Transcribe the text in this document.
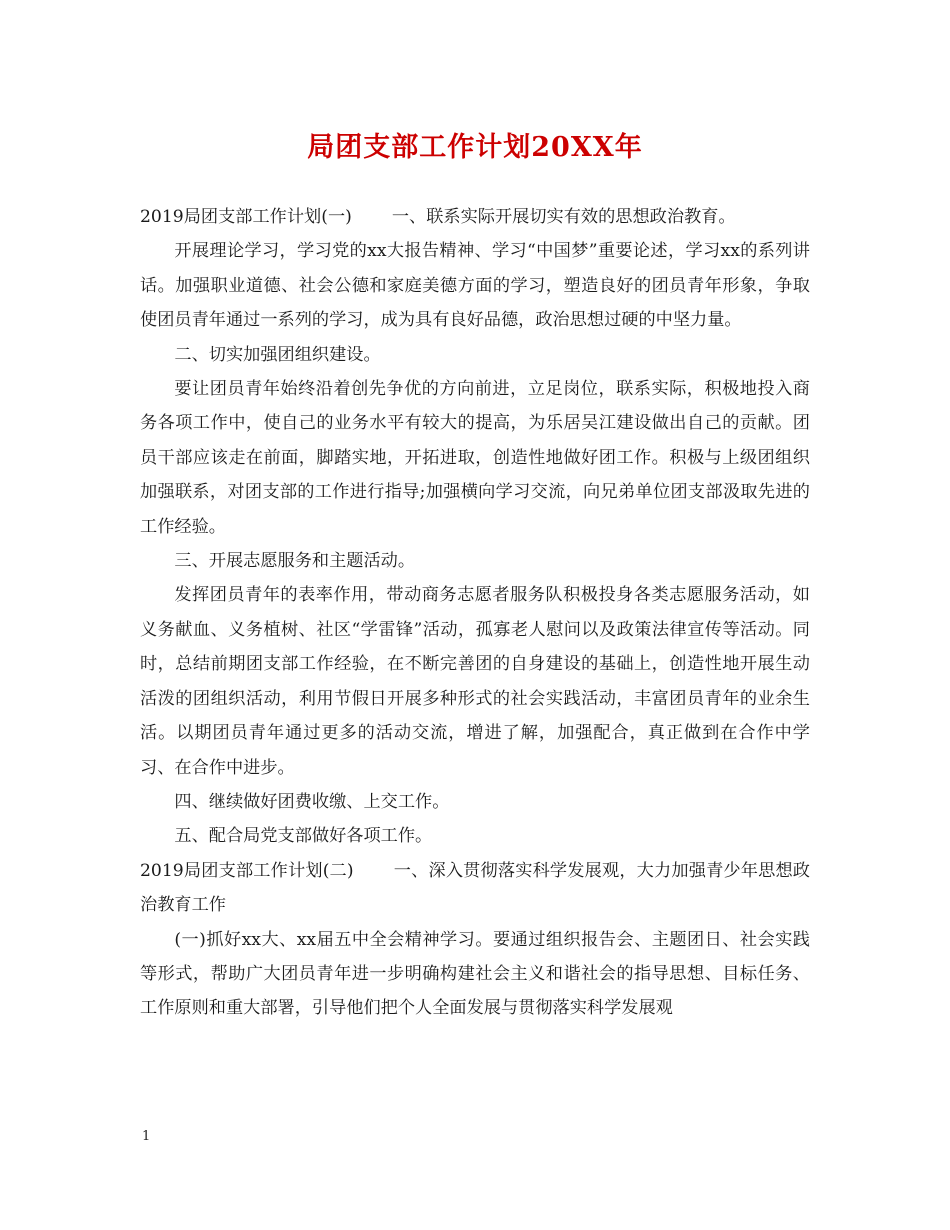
局团支部工作计划20XX年

2019局团支部工作计划(一) 一、联系实际开展切实有效的思想政治教育。

开展理论学习，学习党的xx大报告精神、学习“中国梦”重要论述，学习xx的系列讲话。加强职业道德、社会公德和家庭美德方面的学习，塑造良好的团员青年形象，争取使团员青年通过一系列的学习，成为具有良好品德，政治思想过硬的中坚力量。

二、切实加强团组织建设。

要让团员青年始终沿着创先争优的方向前进，立足岗位，联系实际，积极地投入商务各项工作中，使自己的业务水平有较大的提高，为乐居吴江建设做出自己的贡献。团员干部应该走在前面，脚踏实地，开拓进取，创造性地做好团工作。积极与上级团组织加强联系，对团支部的工作进行指导;加强横向学习交流，向兄弟单位团支部汲取先进的工作经验。

三、开展志愿服务和主题活动。

发挥团员青年的表率作用，带动商务志愿者服务队积极投身各类志愿服务活动，如义务献血、义务植树、社区“学雷锋”活动，孤寡老人慰问以及政策法律宣传等活动。同时，总结前期团支部工作经验，在不断完善团的自身建设的基础上，创造性地开展生动活泼的团组织活动，利用节假日开展多种形式的社会实践活动，丰富团员青年的业余生活。以期团员青年通过更多的活动交流，增进了解，加强配合，真正做到在合作中学习、在合作中进步。

四、继续做好团费收缴、上交工作。

五、配合局党支部做好各项工作。

2019局团支部工作计划(二) 一、深入贯彻落实科学发展观，大力加强青少年思想政治教育工作

(一)抓好xx大、xx届五中全会精神学习。要通过组织报告会、主题团日、社会实践等形式，帮助广大团员青年进一步明确构建社会主义和谐社会的指导思想、目标任务、工作原则和重大部署，引导他们把个人全面发展与贯彻落实科学发展观

1
